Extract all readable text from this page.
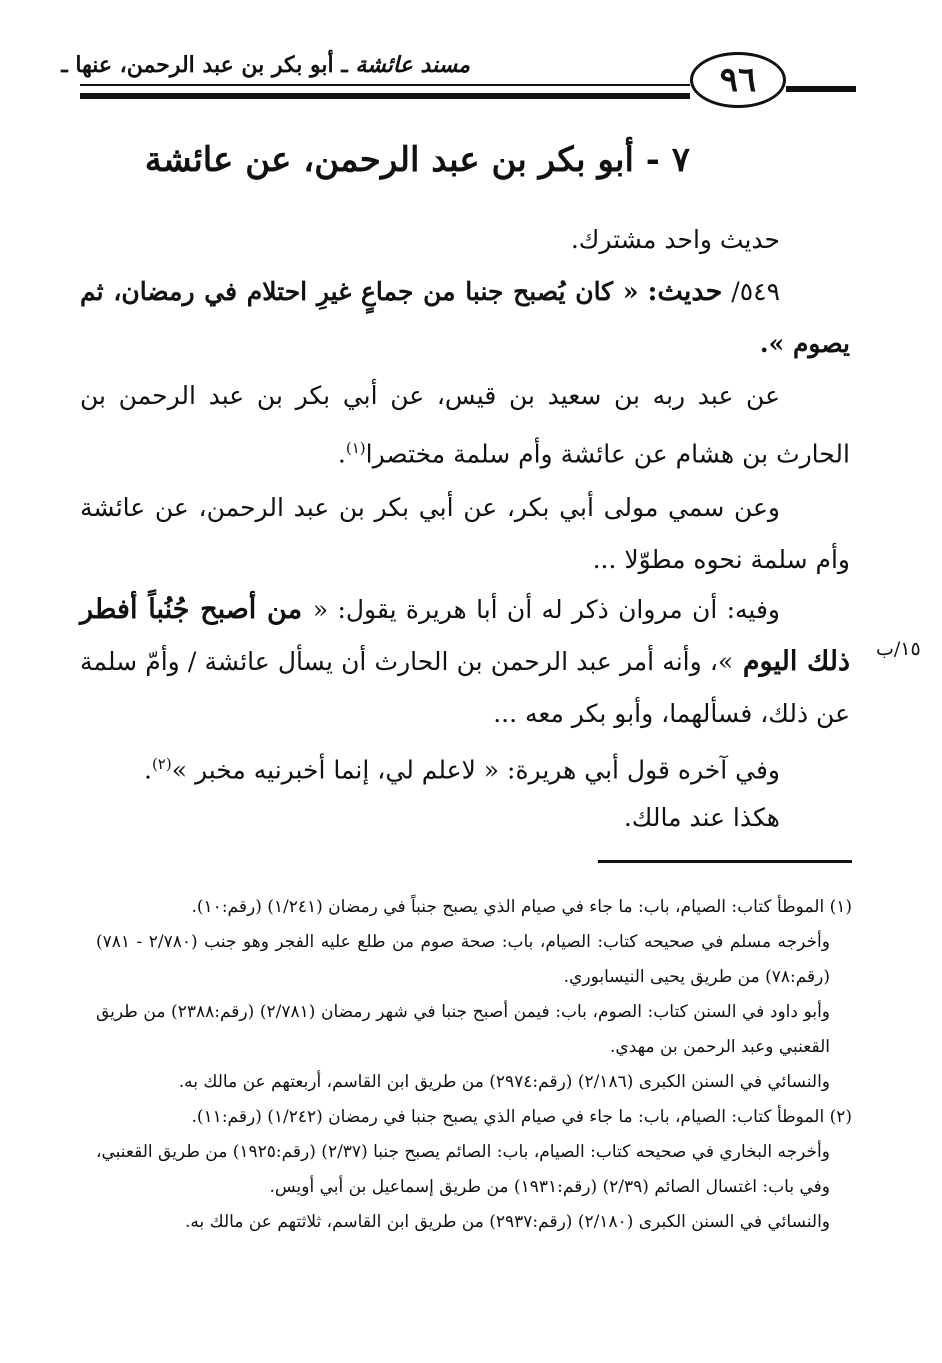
مسند عائشة ـ أبو بكر بن عبد الرحمن، عنها ـ	٩٦
٧ - أبو بكر بن عبد الرحمن، عن عائشة
حديث واحد مشترك.
٥٤٩/ حديث: « كان يُصبح جنبا من جماعٍ غيرِ احتلام في رمضان، ثم يصوم ».
عن عبد ربه بن سعيد بن قيس، عن أبي بكر بن عبد الرحمن بن الحارث بن هشام عن عائشة وأم سلمة مختصرا$^{(١)}$.
وعن سمي مولى أبي بكر، عن أبي بكر بن عبد الرحمن، عن عائشة وأم سلمة نحوه مطوّلا ...
وفيه: أن مروان ذكر له أن أبا هريرة يقول: « من أصبح جُنُباً أفطر ذلك اليوم »، وأنه أمر عبد الرحمن بن الحارث أن يسأل عائشة / وأمّ سلمة عن ذلك، فسألهما، وأبو بكر معه ...
١٥/ب
وفي آخره قول أبي هريرة: « لاعلم لي، إنما أخبرنيه مخبر »$^{(٢)}$.
هكذا عند مالك.
(١) الموطأ كتاب: الصيام، باب: ما جاء في صيام الذي يصبح جنباً في رمضان (١/٢٤١) (رقم:١٠).
وأخرجه مسلم في صحيحه كتاب: الصيام، باب: صحة صوم من طلع عليه الفجر وهو جنب (٢/٧٨٠ - ٧٨١) (رقم:٧٨) من طريق يحيى النيسابوري.
وأبو داود في السنن كتاب: الصوم، باب: فيمن أصبح جنبا في شهر رمضان (٢/٧٨١) (رقم:٢٣٨٨) من طريق القعنبي وعبد الرحمن بن مهدي.
والنسائي في السنن الكبرى (٢/١٨٦) (رقم:٢٩٧٤) من طريق ابن القاسم، أربعتهم عن مالك به.
(٢) الموطأ كتاب: الصيام، باب: ما جاء في صيام الذي يصبح جنبا في رمضان (١/٢٤٢) (رقم:١١).
وأخرجه البخاري في صحيحه كتاب: الصيام، باب: الصائم يصبح جنبا (٢/٣٧) (رقم:١٩٢٥) من طريق القعنبي، وفي باب: اغتسال الصائم (٢/٣٩) (رقم:١٩٣١) من طريق إسماعيل بن أبي أويس.
والنسائي في السنن الكبرى (٢/١٨٠) (رقم:٢٩٣٧) من طريق ابن القاسم، ثلاثتهم عن مالك به.
